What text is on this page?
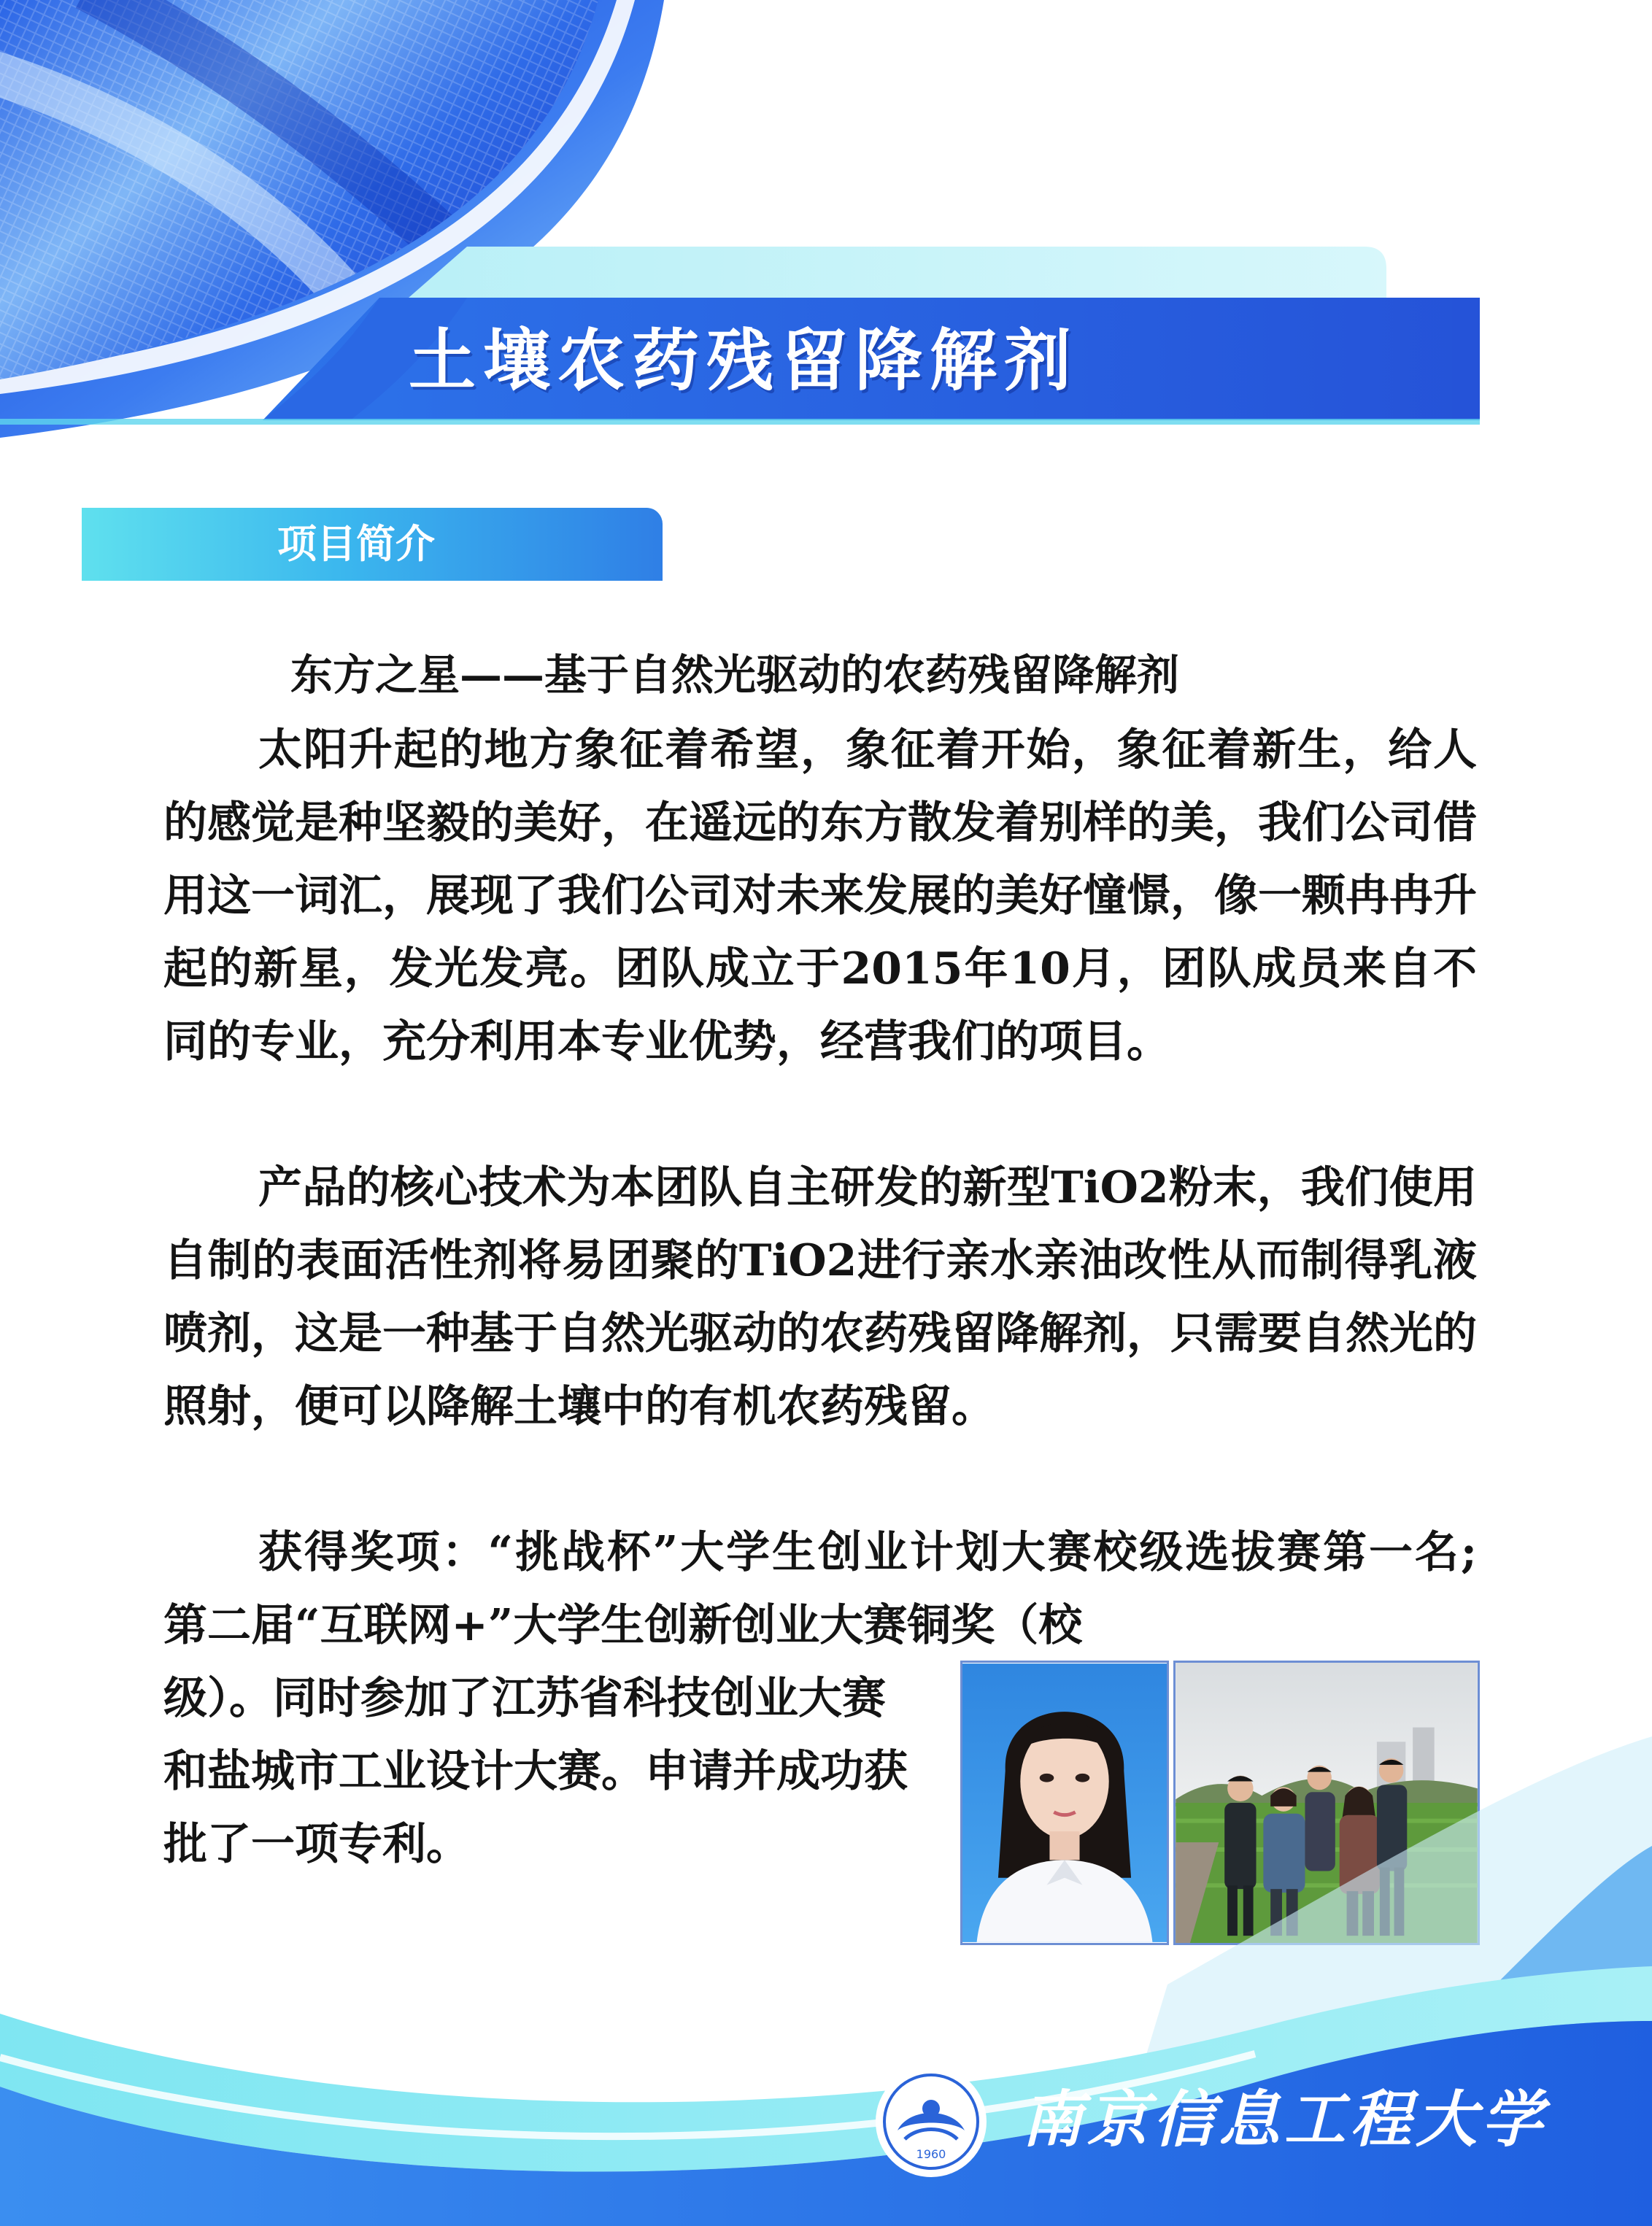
土壤农药残留降解剂
项目简介
东方之星——基于自然光驱动的农药残留降解剂

太阳升起的地方象征着希望，象征着开始，象征着新生，给人的感觉是种坚毅的美好，在遥远的东方散发着别样的美，我们公司借用这一词汇，展现了我们公司对未来发展的美好憧憬，像一颗冉冉升起的新星，发光发亮。团队成立于2015年10月，团队成员来自不同的专业，充分利用本专业优势，经营我们的项目。

产品的核心技术为本团队自主研发的新型TiO2粉末，我们使用自制的表面活性剂将易团聚的TiO2进行亲水亲油改性从而制得乳液喷剂，这是一种基于自然光驱动的农药残留降解剂，只需要自然光的照射，便可以降解土壤中的有机农药残留。

获得奖项：“挑战杯”大学生创业计划大赛校级选拔赛第一名; 第二届“互联网+”大学生创新创业大赛铜奖（校

级）。同时参加了江苏省科技创业大赛和盐城市工业设计大赛。申请并成功获批了一项专利。

1960 南京信息工程大学
